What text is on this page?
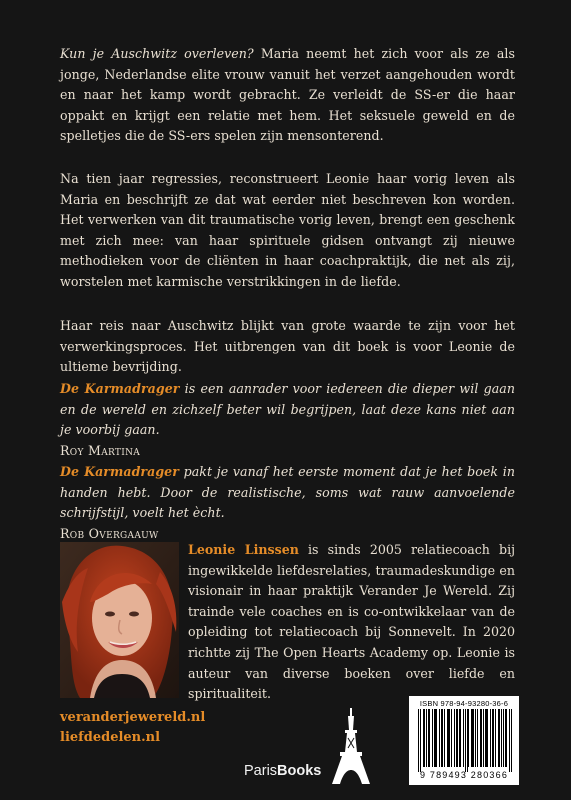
Kun je Auschwitz overleven? Maria neemt het zich voor als ze als jonge, Nederlandse elite vrouw vanuit het verzet aangehouden wordt en naar het kamp wordt gebracht. Ze verleidt de SS-er die haar oppakt en krijgt een relatie met hem. Het seksuele geweld en de spelletjes die de SS-ers spelen zijn mensonterend.

Na tien jaar regressies, reconstrueert Leonie haar vorig leven als Maria en beschrijft ze dat wat eerder niet beschreven kon worden. Het verwerken van dit traumatische vorig leven, brengt een geschenk met zich mee: van haar spirituele gidsen ontvangt zij nieuwe methodieken voor de cliënten in haar coachpraktijk, die net als zij, worstelen met karmische verstrikkingen in de liefde.

Haar reis naar Auschwitz blijkt van grote waarde te zijn voor het verwerkingsproces. Het uitbrengen van dit boek is voor Leonie de ultieme bevrijding.

De Karmadrager is een aanrader voor iedereen die dieper wil gaan en de wereld en zichzelf beter wil begrijpen, laat deze kans niet aan je voorbij gaan.

Roy Martina

De Karmadrager pakt je vanaf het eerste moment dat je het boek in handen hebt. Door de realistische, soms wat rauw aanvoelende schrijfstijl, voelt het ècht.

Rob Overgaauw

Leonie Linssen is sinds 2005 relatiecoach bij ingewikkelde liefdesrelaties, traumadeskundige en visionair in haar praktijk Verander Je Wereld. Zij trainde vele coaches en is co-ontwikkelaar van de opleiding tot relatiecoach bij Sonnevelt. In 2020 richtte zij The Open Hearts Academy op. Leonie is auteur van diverse boeken over liefde en spiritualiteit.
veranderjewereld.nl
liefdedelen.nl
ParisBooks
ISBN 978-94-93280-36-6
9 789493 280366
